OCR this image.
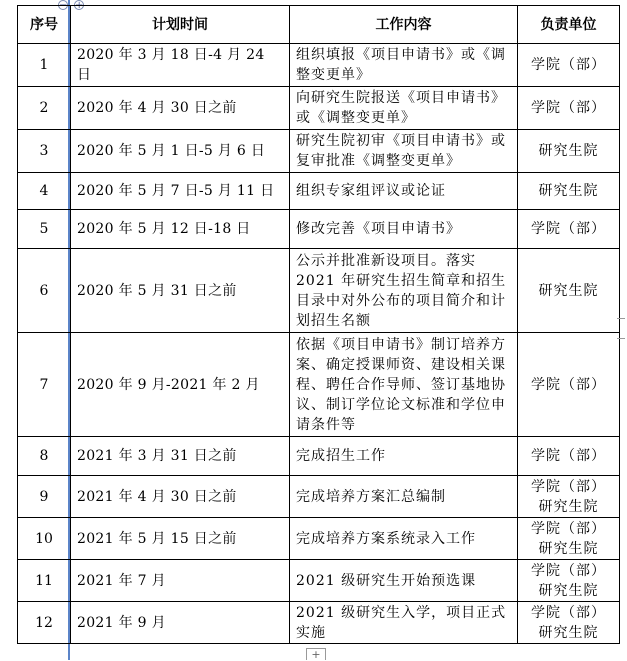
− +
序号	计划时间	工作内容	负责单位
1	2020 年 3 月 18 日-4 月 24 日	组织填报《项目申请书》或《调整变更单》	学院（部）
2	2020 年 4 月 30 日之前	向研究生院报送《项目申请书》或《调整变更单》	学院（部）
3	2020 年 5 月 1 日-5 月 6 日	研究生院初审《项目申请书》或复审批准《调整变更单》	研究生院
4	2020 年 5 月 7 日-5 月 11 日	组织专家组评议或论证	研究生院
5	2020 年 5 月 12 日-18 日	修改完善《项目申请书》	学院（部）
6	2020 年 5 月 31 日之前	公示并批准新设项目。落实2021 年研究生招生简章和招生目录中对外公布的项目简介和计划招生名额	研究生院
7	2020 年 9 月-2021 年 2 月	依据《项目申请书》制订培养方案、确定授课师资、建设相关课程、聘任合作导师、签订基地协议、制订学位论文标准和学位申请条件等	学院（部）
8	2021 年 3 月 31 日之前	完成招生工作	学院（部）
9	2021 年 4 月 30 日之前	完成培养方案汇总编制	学院（部）研究生院
10	2021 年 5 月 15 日之前	完成培养方案系统录入工作	学院（部）研究生院
11	2021 年 7 月	2021 级研究生开始预选课	学院（部）研究生院
12	2021 年 9 月	2021 级研究生入学，项目正式实施	学院（部）研究生院
+
